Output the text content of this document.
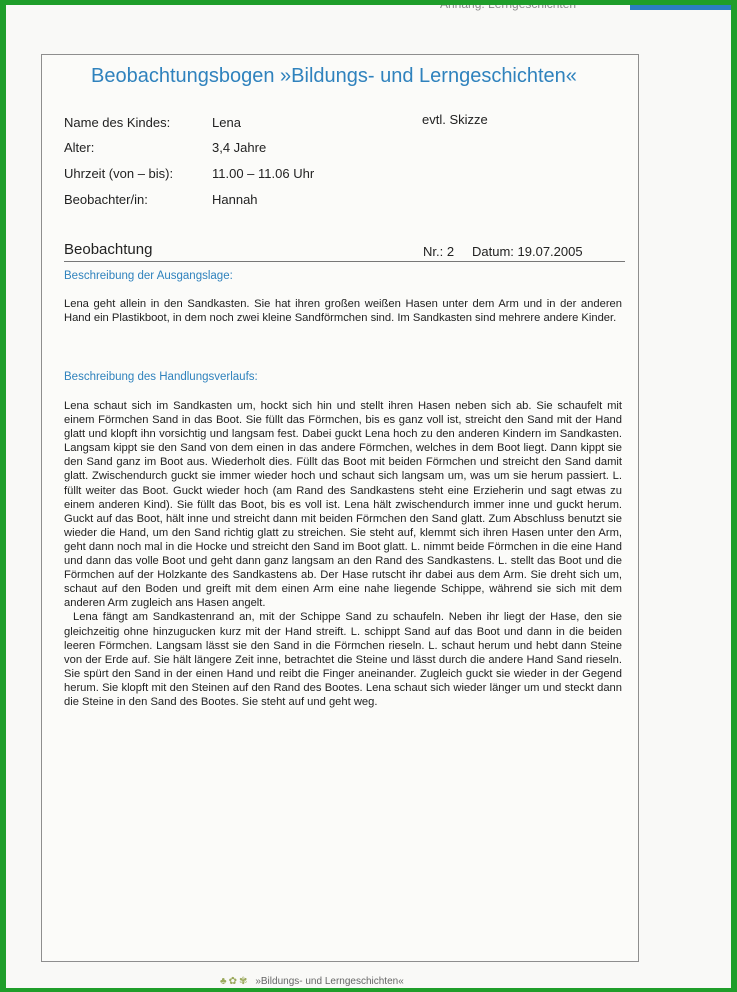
Anhang: Lerngeschichten
Beobachtungsbogen »Bildungs- und Lerngeschichten«
Name des Kindes:	Lena	evtl. Skizze
Alter:	3,4 Jahre
Uhrzeit (von – bis):	11.00 – 11.06 Uhr
Beobachter/in:	Hannah
Beobachtung	Nr.: 2 Datum: 19.07.2005
Beschreibung der Ausgangslage:

Lena geht allein in den Sandkasten. Sie hat ihren großen weißen Hasen unter dem Arm und in der anderen Hand ein Plastikboot, in dem noch zwei kleine Sandförmchen sind. Im Sandkasten sind mehrere andere Kinder.

Beschreibung des Handlungsverlaufs:

Lena schaut sich im Sandkasten um, hockt sich hin und stellt ihren Hasen neben sich ab. Sie schaufelt mit einem Förmchen Sand in das Boot. Sie füllt das Förmchen, bis es ganz voll ist, streicht den Sand mit der Hand glatt und klopft ihn vorsichtig und langsam fest. Dabei guckt Lena hoch zu den anderen Kindern im Sandkasten. Langsam kippt sie den Sand von dem einen in das andere Förmchen, welches in dem Boot liegt. Dann kippt sie den Sand ganz im Boot aus. Wiederholt dies. Füllt das Boot mit beiden Förmchen und streicht den Sand damit glatt. Zwischendurch guckt sie immer wieder hoch und schaut sich langsam um, was um sie herum passiert. L. füllt weiter das Boot. Guckt wieder hoch (am Rand des Sandkastens steht eine Erzieherin und sagt etwas zu einem anderen Kind). Sie füllt das Boot, bis es voll ist. Lena hält zwischendurch immer inne und guckt herum. Guckt auf das Boot, hält inne und streicht dann mit beiden Förmchen den Sand glatt. Zum Abschluss benutzt sie wieder die Hand, um den Sand richtig glatt zu streichen. Sie steht auf, klemmt sich ihren Hasen unter den Arm, geht dann noch mal in die Hocke und streicht den Sand im Boot glatt. L. nimmt beide Förmchen in die eine Hand und dann das volle Boot und geht dann ganz langsam an den Rand des Sandkastens. L. stellt das Boot und die Förmchen auf der Holzkante des Sandkastens ab. Der Hase rutscht ihr dabei aus dem Arm. Sie dreht sich um, schaut auf den Boden und greift mit dem einen Arm eine nahe liegende Schippe, während sie sich mit dem anderen Arm zugleich ans Hasen angelt.

Lena fängt am Sandkastenrand an, mit der Schippe Sand zu schaufeln. Neben ihr liegt der Hase, den sie gleichzeitig ohne hinzugucken kurz mit der Hand streift. L. schippt Sand auf das Boot und dann in die beiden leeren Förmchen. Langsam lässt sie den Sand in die Förmchen rieseln. L. schaut herum und hebt dann Steine von der Erde auf. Sie hält längere Zeit inne, betrachtet die Steine und lässt durch die andere Hand Sand rieseln. Sie spürt den Sand in der einen Hand und reibt die Finger aneinander. Zugleich guckt sie wieder in der Gegend herum. Sie klopft mit den Steinen auf den Rand des Bootes. Lena schaut sich wieder länger um und steckt dann die Steine in den Sand des Bootes. Sie steht auf und geht weg.

♣✿✾ »Bildungs- und Lerngeschichten«
